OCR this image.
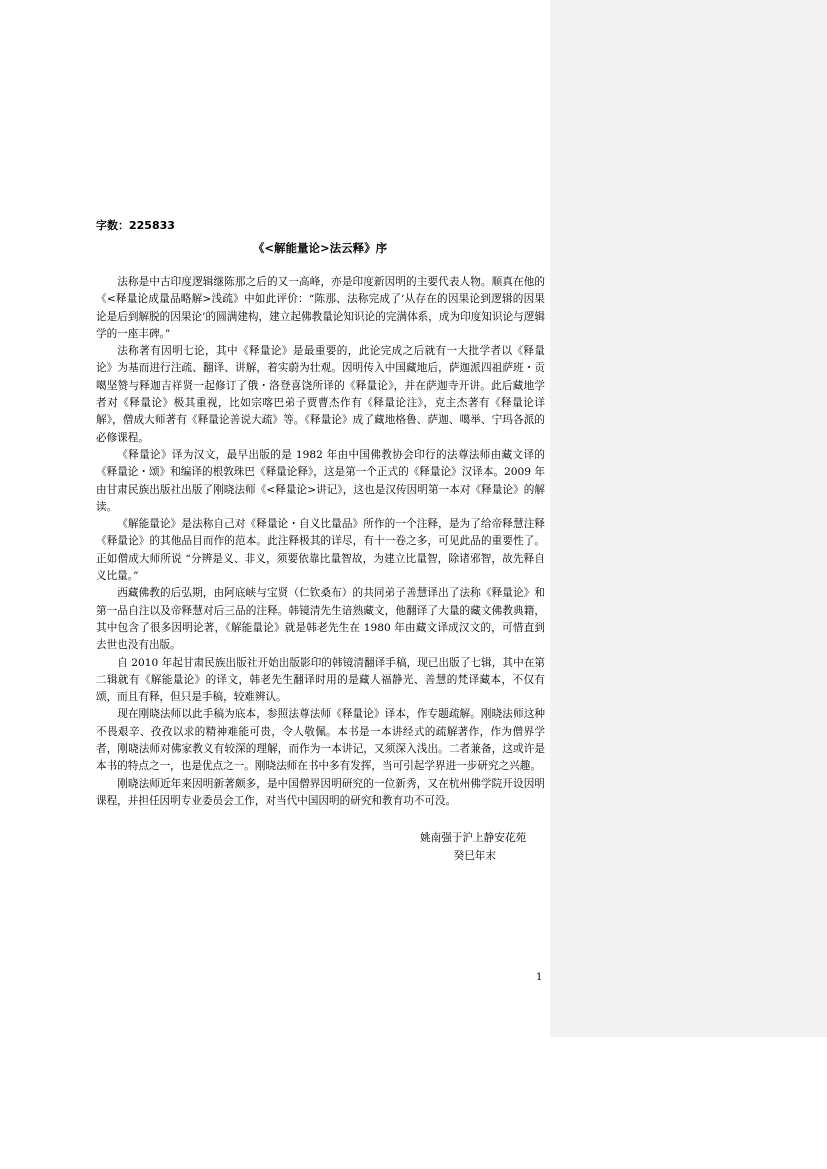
字数：225833
《<解能量论>法云释》序

法称是中古印度逻辑继陈那之后的又一高峰，亦是印度新因明的主要代表人物。顺真在他的《<释量论成量品略解>浅疏》中如此评价：“陈那、法称完成了‘从存在的因果论到逻辑的因果论是后到解脱的因果论’的圆满建构，建立起佛教量论知识论的完满体系，成为印度知识论与逻辑学的一座丰碑。”

法称著有因明七论，其中《释量论》是最重要的，此论完成之后就有一大批学者以《释量论》为基而进行注疏、翻译、讲解，着实蔚为壮观。因明传入中国藏地后，萨迦派四祖萨班・贡噶坚赞与释迦吉祥贤一起修订了俄・洛登喜饶所译的《释量论》，并在萨迦寺开讲。此后藏地学者对《释量论》极其重视，比如宗喀巴弟子贾曹杰作有《释量论注》，克主杰著有《释量论详解》，僧成大师著有《释量论善说大疏》等。《释量论》成了藏地格鲁、萨迦、噶举、宁玛各派的必修课程。

《释量论》译为汉文，最早出版的是 1982 年由中国佛教协会印行的法尊法师由藏文译的《释量论・颂》和编译的根敦珠巴《释量论释》，这是第一个正式的《释量论》汉译本。2009 年由甘肃民族出版社出版了刚晓法师《<释量论>讲记》，这也是汉传因明第一本对《释量论》的解读。

《解能量论》是法称自己对《释量论・自义比量品》所作的一个注释，是为了给帝释慧注释《释量论》的其他品目而作的范本。此注释极其的详尽，有十一卷之多，可见此品的重要性了。正如僧成大师所说 “分辨是义、非义，须要依靠比量智故，为建立比量智，除诸邪智，故先释自义比量。”

西藏佛教的后弘期，由阿底峡与宝贤（仁钦桑布）的共同弟子善慧译出了法称《释量论》和第一品自注以及帝释慧对后三品的注释。韩镜清先生谙熟藏文，他翻译了大量的藏文佛教典籍，其中包含了很多因明论著，《解能量论》就是韩老先生在 1980 年由藏文译成汉文的，可惜直到去世也没有出版。

自 2010 年起甘肃民族出版社开始出版影印的韩镜清翻译手稿，现已出版了七辑，其中在第二辑就有《解能量论》的译文，韩老先生翻译时用的是藏人福静光、善慧的梵译藏本，不仅有颂，而且有释，但只是手稿，较难辨认。

现在刚晓法师以此手稿为底本，参照法尊法师《释量论》译本，作专题疏解。刚晓法师这种不畏艰辛、孜孜以求的精神难能可贵，令人敬佩。本书是一本讲经式的疏解著作，作为僧界学者，刚晓法师对佛家教义有较深的理解，而作为一本讲记，又须深入浅出。二者兼备，这或许是本书的特点之一，也是优点之一。刚晓法师在书中多有发挥，当可引起学界进一步研究之兴趣。

刚晓法师近年来因明新著颇多，是中国僧界因明研究的一位新秀，又在杭州佛学院开设因明课程，并担任因明专业委员会工作，对当代中国因明的研究和教育功不可没。

姚南强于沪上静安花苑
癸巳年末
1
